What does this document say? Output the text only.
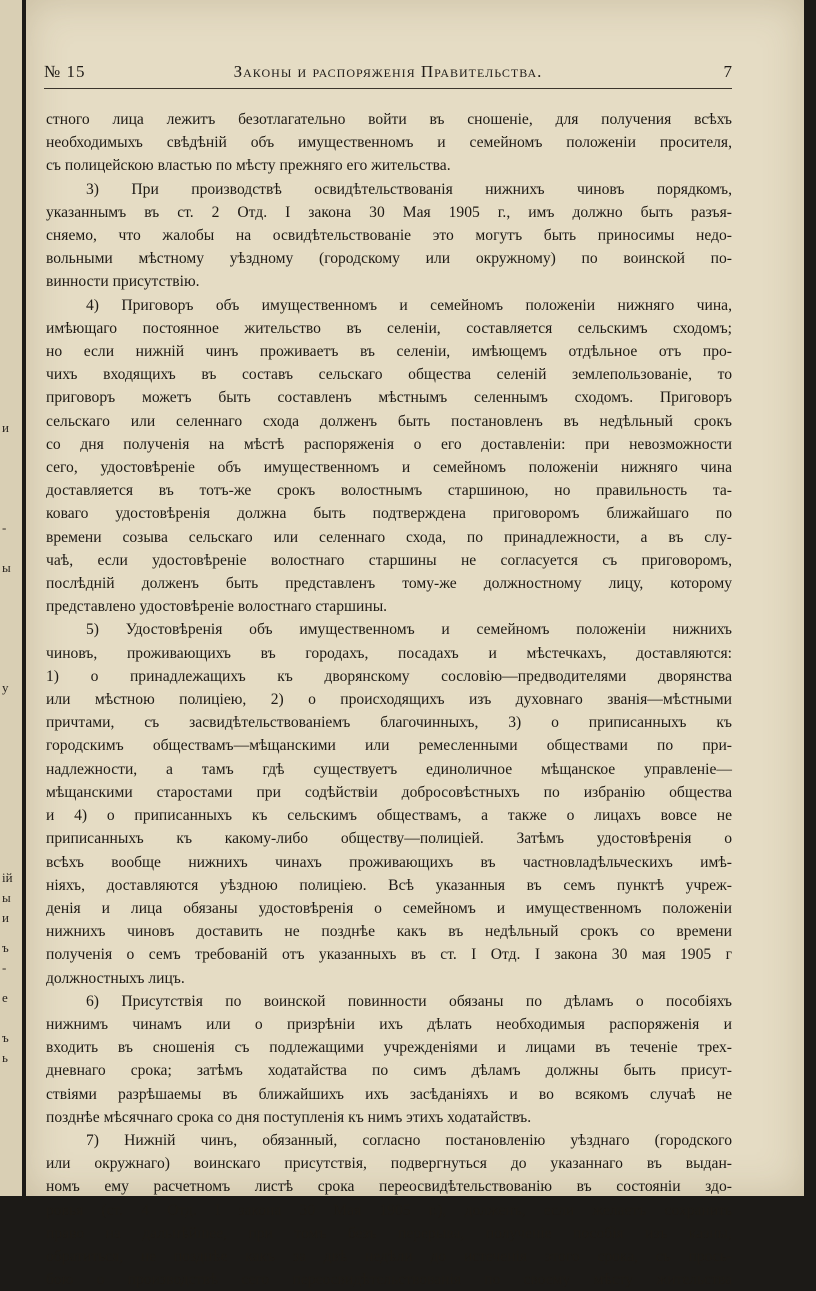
и
-
ы
у
ій
ы
и
ъ
-
е
ъ
ь
№ 15	Законы и распоряженія Правительства.	7
стного лица лежитъ безотлагательно войти въ сношеніе, для получения всѣхъ
необходимыхъ свѣдѣній объ имущественномъ и семейномъ положеніи просителя,
съ полицейскою властью по мѣсту прежняго его жительства.
3) При производствѣ освидѣтельствованія нижнихъ чиновъ порядкомъ,
указаннымъ въ ст. 2 Отд. I закона 30 Мая 1905 г., имъ должно быть разъя-
сняемо, что жалобы на освидѣтельствованіе это могутъ быть приносимы недо-
вольными мѣстному уѣздному (городскому или окружному) по воинской по-
винности присутствію.
4) Приговоръ объ имущественномъ и семейномъ положеніи нижняго чина,
имѣющаго постоянное жительство въ селеніи, составляется сельскимъ сходомъ;
но если нижній чинъ проживаетъ въ селеніи, имѣющемъ отдѣльное отъ про-
чихъ входящихъ въ составъ сельскаго общества селеній землепользованіе, то
приговоръ можетъ быть составленъ мѣстнымъ селеннымъ сходомъ. Приговоръ
сельскаго или селеннаго схода долженъ быть постановленъ въ недѣльный срокъ
со дня полученія на мѣстѣ распоряженія о его доставленіи: при невозможности
сего, удостовѣреніе объ имущественномъ и семейномъ положеніи нижняго чина
доставляется въ тотъ-же срокъ волостнымъ старшиною, но правильность та-
коваго удостовѣренія должна быть подтверждена приговоромъ ближайшаго по
времени созыва сельскаго или селеннаго схода, по принадлежности, а въ слу-
чаѣ, если удостовѣреніе волостнаго старшины не согласуется съ приговоромъ,
послѣдній долженъ быть представленъ тому-же должностному лицу, которому
представлено удостовѣреніе волостнаго старшины.
5) Удостовѣренія объ имущественномъ и семейномъ положеніи нижнихъ
чиновъ, проживающихъ въ городахъ, посадахъ и мѣстечкахъ, доставляются:
1) о принадлежащихъ къ дворянскому сословію—предводителями дворянства
или мѣстною полиціею, 2) о происходящихъ изъ духовнаго званія—мѣстными
причтами, съ засвидѣтельствованіемъ благочинныхъ, 3) о приписанныхъ къ
городскимъ обществамъ—мѣщанскими или ремесленными обществами по при-
надлежности, а тамъ гдѣ существуетъ единоличное мѣщанское управленіе—
мѣщанскими старостами при содѣйствіи добросовѣстныхъ по избранію общества
и 4) о приписанныхъ къ сельскимъ обществамъ, а также о лицахъ вовсе не
приписанныхъ къ какому-либо обществу—полиціей. Затѣмъ удостовѣренія о
всѣхъ вообще нижнихъ чинахъ проживающихъ въ частновладѣльческихъ имѣ-
ніяхъ, доставляются уѣздною полиціею. Всѣ указанныя въ семъ пунктѣ учреж-
денія и лица обязаны удостовѣренія о семейномъ и имущественномъ положеніи
нижнихъ чиновъ доставить не позднѣе какъ въ недѣльный срокъ со времени
полученія о семъ требованій отъ указанныхъ въ ст. I Отд. I закона 30 мая 1905 г
должностныхъ лицъ.
6) Присутствія по воинской повинности обязаны по дѣламъ о пособіяхъ
нижнимъ чинамъ или о призрѣніи ихъ дѣлать необходимыя распоряженія и
входить въ сношенія съ подлежащими учрежденіями и лицами въ теченіе трех-
дневнаго срока; затѣмъ ходатайства по симъ дѣламъ должны быть присут-
ствіями разрѣшаемы въ ближайшихъ ихъ засѣданіяхъ и во всякомъ случаѣ не
позднѣе мѣсячнаго срока со дня поступленія къ нимъ этихъ ходатайствъ.
7) Нижній чинъ, обязанный, согласно постановленію уѣзднаго (городского
или окружнаго) воинскаго присутствія, подвергнуться до указаннаго въ выдан-
номъ ему расчетномъ листѣ срока переосвидѣтельствованію въ состояніи здо-
ровья (ст. 4 Отд. I закона 30 Мая 1905 г.), долженъ, если желаетъ сохранить
право на дальнѣйшее, при томъ безъ перерыва, полученіе пособія изъ казны,
обратиться, не позднѣе какъ за двѣ недѣли до истеченія этого срока, съ прось-
бою о производствѣ сего переосвидѣтельствованія по своему мѣсту жительства
